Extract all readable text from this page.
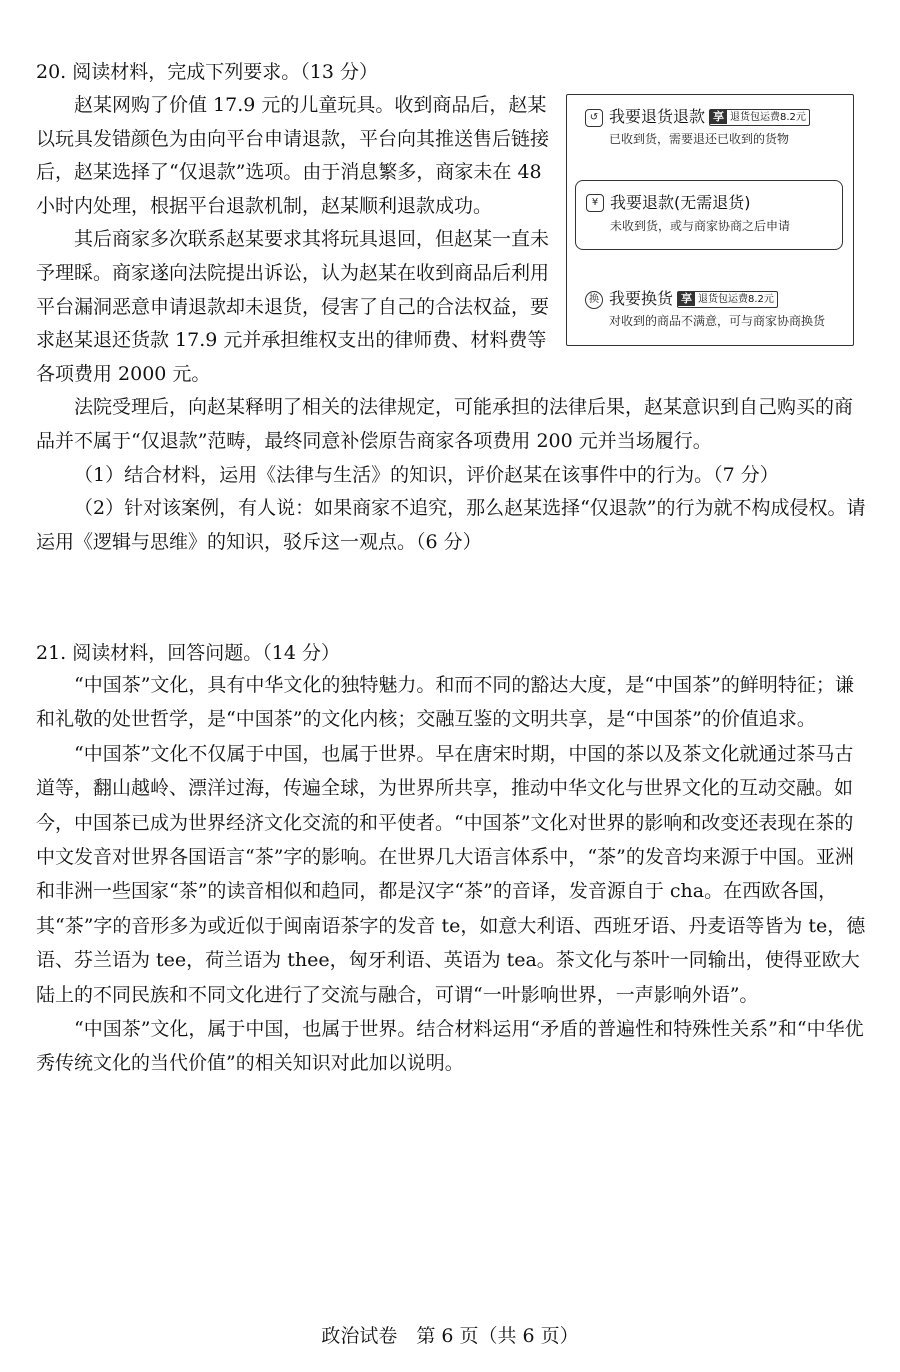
20. 阅读材料，完成下列要求。（13 分）

赵某网购了价值 17.9 元的儿童玩具。收到商品后，赵某以玩具发错颜色为由向平台申请退款，平台向其推送售后链接后，赵某选择了“仅退款”选项。由于消息繁多，商家未在 48 小时内处理，根据平台退款机制，赵某顺利退款成功。

其后商家多次联系赵某要求其将玩具退回，但赵某一直未予理睬。商家遂向法院提出诉讼，认为赵某在收到商品后利用平台漏洞恶意申请退款却未退货，侵害了自己的合法权益，要求赵某退还货款 17.9 元并承担维权支出的律师费、材料费等各项费用 2000 元。

法院受理后，向赵某释明了相关的法律规定，可能承担的法律后果，赵某意识到自己购买的商品并不属于“仅退款”范畴，最终同意补偿原告商家各项费用 200 元并当场履行。

（1）结合材料，运用《法律与生活》的知识，评价赵某在该事件中的行为。（7 分）

（2）针对该案例，有人说：如果商家不追究，那么赵某选择“仅退款”的行为就不构成侵权。请运用《逻辑与思维》的知识，驳斥这一观点。（6 分）

↺ 我要退货退款 享 退货包运费8.2元
已收到货，需要退还已收到的货物
¥ 我要退款(无需退货)
未收到货，或与商家协商之后申请
换 我要换货 享 退货包运费8.2元
对收到的商品不满意，可与商家协商换货
21. 阅读材料，回答问题。（14 分）

“中国茶”文化，具有中华文化的独特魅力。和而不同的豁达大度，是“中国茶”的鲜明特征；谦和礼敬的处世哲学，是“中国茶”的文化内核；交融互鉴的文明共享，是“中国茶”的价值追求。

“中国茶”文化不仅属于中国，也属于世界。早在唐宋时期，中国的茶以及茶文化就通过茶马古道等，翻山越岭、漂洋过海，传遍全球，为世界所共享，推动中华文化与世界文化的互动交融。如今，中国茶已成为世界经济文化交流的和平使者。“中国茶”文化对世界的影响和改变还表现在茶的中文发音对世界各国语言“茶”字的影响。在世界几大语言体系中，“茶”的发音均来源于中国。亚洲和非洲一些国家“茶”的读音相似和趋同，都是汉字“茶”的音译，发音源自于 cha。在西欧各国，其“茶”字的音形多为或近似于闽南语茶字的发音 te，如意大利语、西班牙语、丹麦语等皆为 te，德语、芬兰语为 tee，荷兰语为 thee，匈牙利语、英语为 tea。茶文化与茶叶一同输出，使得亚欧大陆上的不同民族和不同文化进行了交流与融合，可谓“一叶影响世界，一声影响外语”。

“中国茶”文化，属于中国，也属于世界。结合材料运用“矛盾的普遍性和特殊性关系”和“中华优秀传统文化的当代价值”的相关知识对此加以说明。

政治试卷　第 6 页（共 6 页）
